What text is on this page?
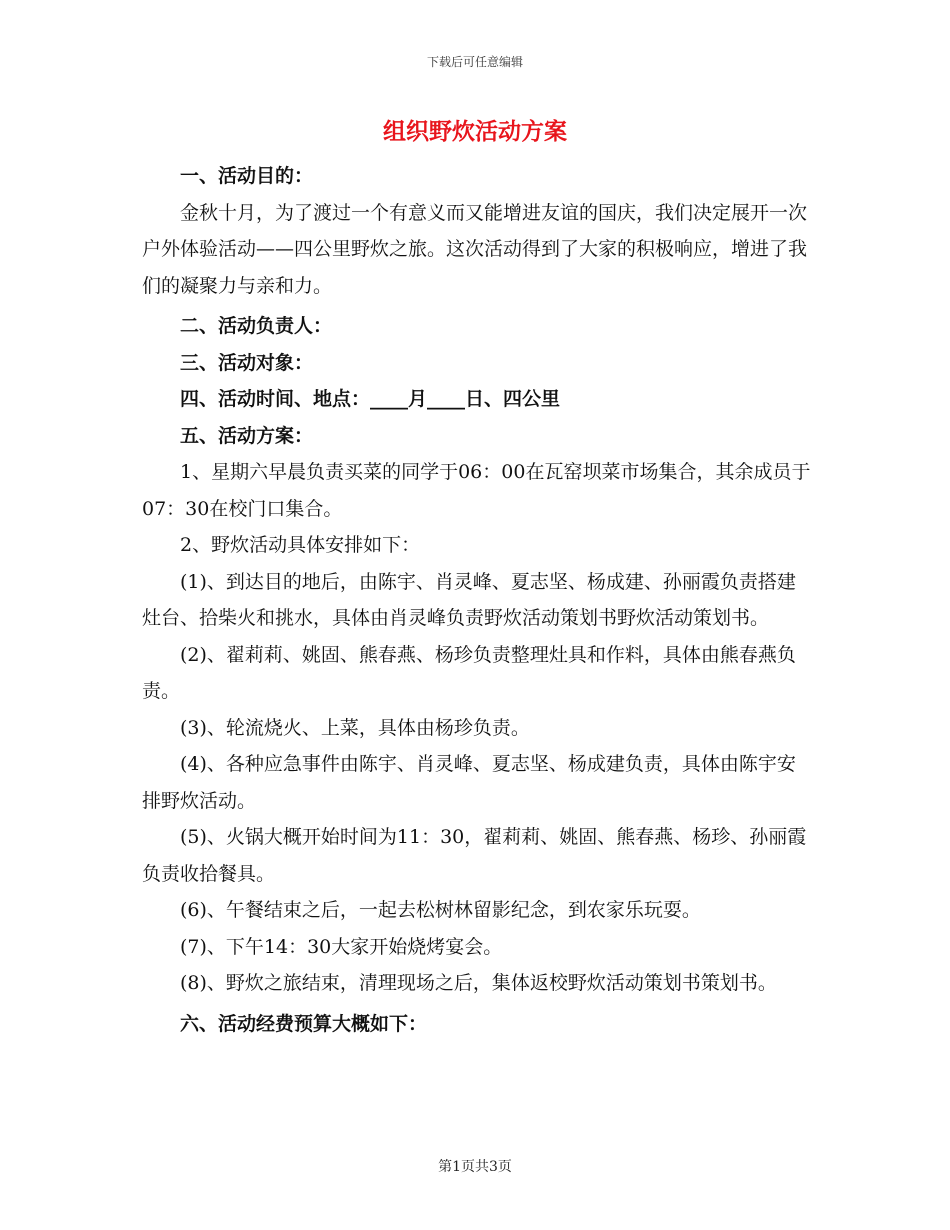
下载后可任意编辑
组织野炊活动方案

一、活动目的：

金秋十月，为了渡过一个有意义而又能增进友谊的国庆，我们决定展开一次户外体验活动——四公里野炊之旅。这次活动得到了大家的积极响应，增进了我们的凝聚力与亲和力。

二、活动负责人：

三、活动对象：

四、活动时间、地点：____月____日、四公里

五、活动方案：

1、星期六早晨负责买菜的同学于06：00在瓦窑坝菜市场集合，其余成员于07：30在校门口集合。

2、野炊活动具体安排如下：

(1)、到达目的地后，由陈宇、肖灵峰、夏志坚、杨成建、孙丽霞负责搭建灶台、拾柴火和挑水，具体由肖灵峰负责野炊活动策划书野炊活动策划书。

(2)、翟莉莉、姚固、熊春燕、杨珍负责整理灶具和作料，具体由熊春燕负责。

(3)、轮流烧火、上菜，具体由杨珍负责。

(4)、各种应急事件由陈宇、肖灵峰、夏志坚、杨成建负责，具体由陈宇安排野炊活动。

(5)、火锅大概开始时间为11：30，翟莉莉、姚固、熊春燕、杨珍、孙丽霞负责收拾餐具。

(6)、午餐结束之后，一起去松树林留影纪念，到农家乐玩耍。

(7)、下午14：30大家开始烧烤宴会。

(8)、野炊之旅结束，清理现场之后，集体返校野炊活动策划书策划书。

六、活动经费预算大概如下：

第1页共3页
